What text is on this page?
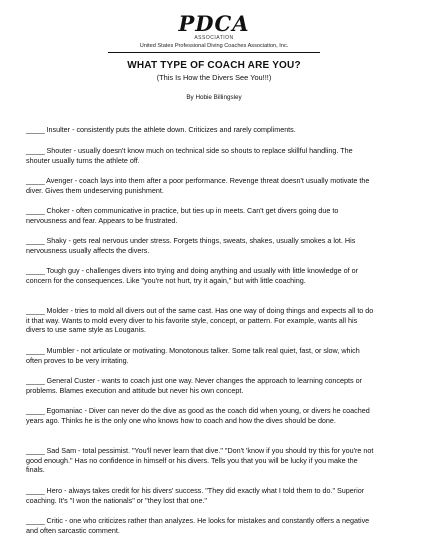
PDCA
ASSOCIATION
United States Professional Diving Coaches Association, Inc.
WHAT TYPE OF COACH ARE YOU?
(This Is How the Divers See You!!!)
By Hobie Billingsley

_____ Insulter - consistently puts the athlete down. Criticizes and rarely compliments.

_____ Shouter - usually doesn't know much on technical side so shouts to replace skillful handling. The shouter usually turns the athlete off.

_____ Avenger - coach lays into them after a poor performance. Revenge threat doesn't usually motivate the diver. Gives them undeserving punishment.

_____ Choker - often communicative in practice, but ties up in meets. Can't get divers going due to nervousness and fear. Appears to be frustrated.

_____ Shaky - gets real nervous under stress. Forgets things, sweats, shakes, usually smokes a lot. His nervousness usually affects the divers.

_____ Tough guy - challenges divers into trying and doing anything and usually with little knowledge of or concern for the consequences. Like "you're not hurt, try it again," but with little coaching.

_____ Molder - tries to mold all divers out of the same cast. Has one way of doing things and expects all to do it that way. Wants to mold every diver to his favorite style, concept, or pattern. For example, wants all his divers to use same style as Louganis.

_____ Mumbler - not articulate or motivating. Monotonous talker. Some talk real quiet, fast, or slow, which often proves to be very irritating.

_____ General Custer - wants to coach just one way. Never changes the approach to learning concepts or problems. Blames execution and attitude but never his own concept.

_____ Egomaniac - Diver can never do the dive as good as the coach did when young, or divers he coached years ago. Thinks he is the only one who knows how to coach and how the dives should be done.

_____ Sad Sam - total pessimist. "You'll never learn that dive." "Don't 'know if you should try this for you're not good enough." Has no confidence in himself or his divers. Tells you that you will be lucky if you make the finals.

_____ Hero - always takes credit for his divers' success. "They did exactly what I told them to do." Superior coaching. It's "I won the nationals" or "they lost that one."

_____ Critic - one who criticizes rather than analyzes. He looks for mistakes and constantly offers a negative and often sarcastic comment.
